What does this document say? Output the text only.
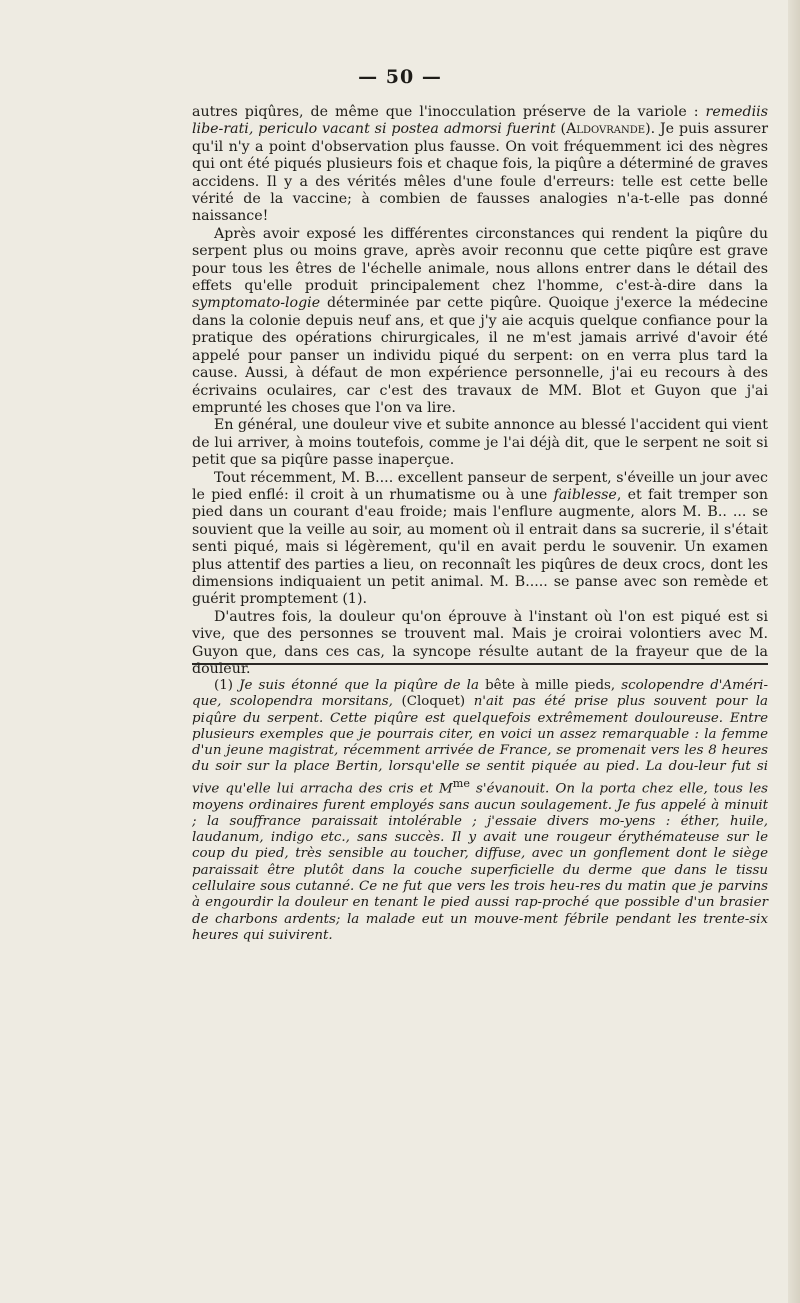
— 50 —

autres piqûres, de même que l'inocculation préserve de la variole : remediis libe-rati, periculo vacant si postea admorsi fuerint (Aldovrande). Je puis assurer qu'il n'y a point d'observation plus fausse. On voit fréquemment ici des nègres qui ont été piqués plusieurs fois et chaque fois, la piqûre a déterminé de graves accidens. Il y a des vérités mêles d'une foule d'erreurs: telle est cette belle vérité de la vaccine; à combien de fausses analogies n'a-t-elle pas donné naissance!

Après avoir exposé les différentes circonstances qui rendent la piqûre du serpent plus ou moins grave, après avoir reconnu que cette piqûre est grave pour tous les êtres de l'échelle animale, nous allons entrer dans le détail des effets qu'elle produit principalement chez l'homme, c'est-à-dire dans la symptomato-logie déterminée par cette piqûre. Quoique j'exerce la médecine dans la colonie depuis neuf ans, et que j'y aie acquis quelque confiance pour la pratique des opérations chirurgicales, il ne m'est jamais arrivé d'avoir été appelé pour panser un individu piqué du serpent: on en verra plus tard la cause. Aussi, à défaut de mon expérience personnelle, j'ai eu recours à des écrivains oculaires, car c'est des travaux de MM. Blot et Guyon que j'ai emprunté les choses que l'on va lire.

En général, une douleur vive et subite annonce au blessé l'accident qui vient de lui arriver, à moins toutefois, comme je l'ai déjà dit, que le serpent ne soit si petit que sa piqûre passe inaperçue.

Tout récemment, M. B.... excellent panseur de serpent, s'éveille un jour avec le pied enflé: il croit à un rhumatisme ou à une faiblesse, et fait tremper son pied dans un courant d'eau froide; mais l'enflure augmente, alors M. B.. ... se souvient que la veille au soir, au moment où il entrait dans sa sucrerie, il s'était senti piqué, mais si légèrement, qu'il en avait perdu le souvenir. Un examen plus attentif des parties a lieu, on reconnaît les piqûres de deux crocs, dont les dimensions indiquaient un petit animal. M. B..... se panse avec son remède et guérit promptement (1).

D'autres fois, la douleur qu'on éprouve à l'instant où l'on est piqué est si vive, que des personnes se trouvent mal. Mais je croirai volontiers avec M. Guyon que, dans ces cas, la syncope résulte autant de la frayeur que de la douleur.

(1) Je suis étonné que la piqûre de la bête à mille pieds, scolopendre d'Améri-que, scolopendra morsitans, (Cloquet) n'ait pas été prise plus souvent pour la piqûre du serpent. Cette piqûre est quelquefois extrêmement douloureuse. Entre plusieurs exemples que je pourrais citer, en voici un assez remarquable : la femme d'un jeune magistrat, récemment arrivée de France, se promenait vers les 8 heures du soir sur la place Bertin, lorsqu'elle se sentit piquée au pied. La dou-leur fut si vive qu'elle lui arracha des cris et $M^{me}$ s'évanouit. On la porta chez elle, tous les moyens ordinaires furent employés sans aucun soulagement. Je fus appelé à minuit ; la souffrance paraissait intolérable ; j'essaie divers mo-yens : éther, huile, laudanum, indigo etc., sans succès. Il y avait une rougeur érythémateuse sur le coup du pied, très sensible au toucher, diffuse, avec un gonflement dont le siège paraissait être plutôt dans la couche superficielle du derme que dans le tissu cellulaire sous cutanné. Ce ne fut que vers les trois heu-res du matin que je parvins à engourdir la douleur en tenant le pied aussi rap-proché que possible d'un brasier de charbons ardents; la malade eut un mouve-ment fébrile pendant les trente-six heures qui suivirent.
